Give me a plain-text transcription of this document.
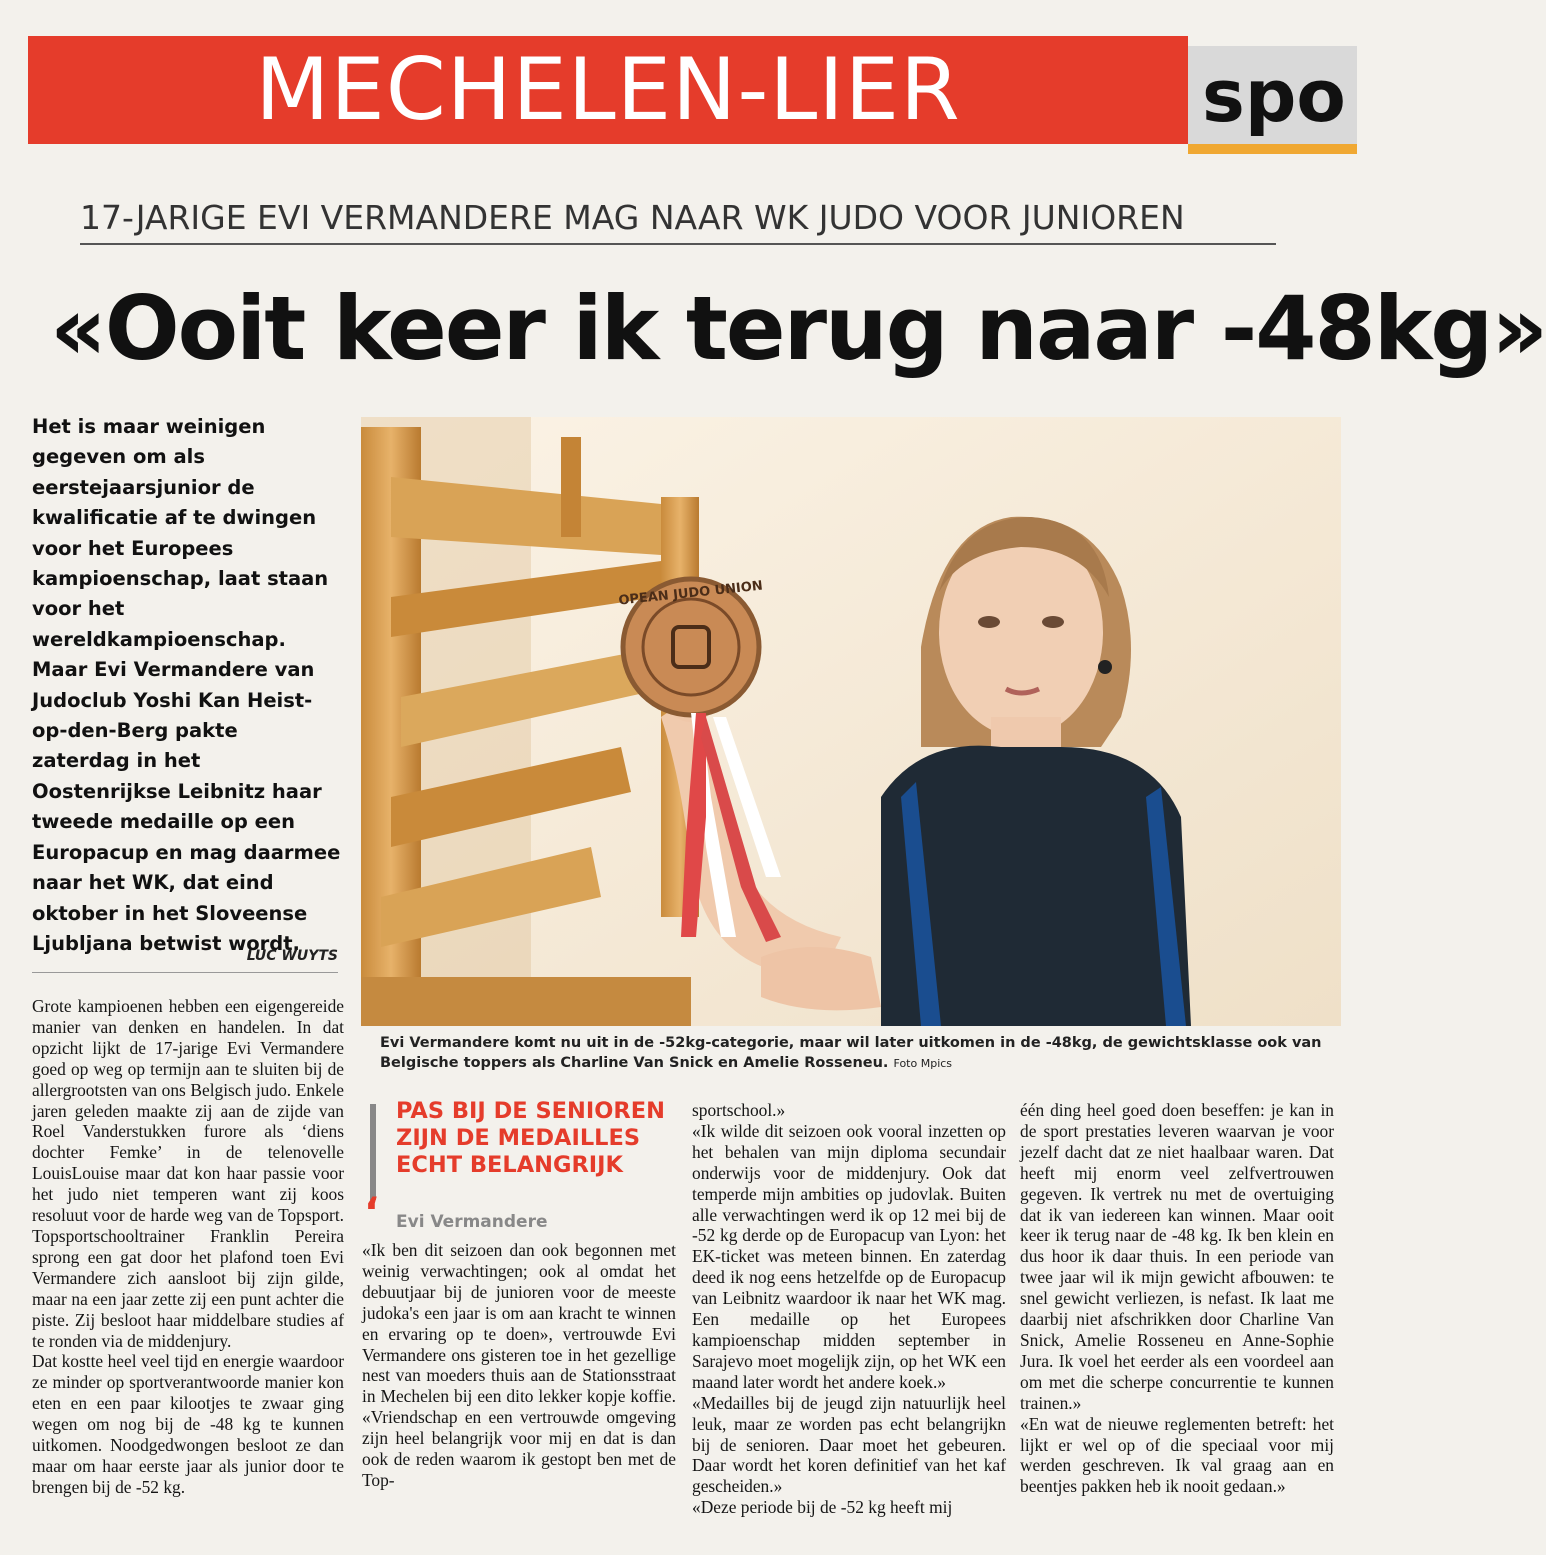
MECHELEN-LIER	spo
17-JARIGE EVI VERMANDERE MAG NAAR WK JUDO VOOR JUNIOREN
«Ooit keer ik terug naar -48kg»
Het is maar weinigen gegeven om als eerstejaarsjunior de kwalificatie af te dwingen voor het Europees kampioenschap, laat staan voor het wereldkampioenschap. Maar Evi Vermandere van Judoclub Yoshi Kan Heist-op-den-Berg pakte zaterdag in het Oostenrijkse Leibnitz haar tweede medaille op een Europacup en mag daarmee naar het WK, dat eind oktober in het Sloveense Ljubljana betwist wordt.
LUC WUYTS
OPEAN JUDO UNION
Evi Vermandere komt nu uit in de -52kg-categorie, maar wil later uitkomen in de -48kg, de gewichtsklasse ook van Belgische toppers als Charline Van Snick en Amelie Rosseneu. Foto Mpics

Grote kampioenen hebben een eigengereide manier van denken en handelen. In dat opzicht lijkt de 17-jarige Evi Vermandere goed op weg op termijn aan te sluiten bij de allergrootsten van ons Belgisch judo. Enkele jaren geleden maakte zij aan de zijde van Roel Vanderstukken furore als ‘diens dochter Femke’ in de telenovelle LouisLouise maar dat kon haar passie voor het judo niet temperen want zij koos resoluut voor de harde weg van de Topsport. Topsportschooltrainer Franklin Pereira sprong een gat door het plafond toen Evi Vermandere zich aansloot bij zijn gilde, maar na een jaar zette zij een punt achter die piste. Zij besloot haar middelbare studies af te ronden via de middenjury.

Dat kostte heel veel tijd en energie waardoor ze minder op sportverantwoorde manier kon eten en een paar kilootjes te zwaar ging wegen om nog bij de -48 kg te kunnen uitkomen. Noodgedwongen besloot ze dan maar om haar eerste jaar als junior door te brengen bij de -52 kg.

‘
PAS BIJ DE SENIOREN ZIJN DE MEDAILLES ECHT BELANGRIJK
Evi Vermandere

«Ik ben dit seizoen dan ook begonnen met weinig verwachtingen; ook al omdat het debuutjaar bij de junioren voor de meeste judoka's een jaar is om aan kracht te winnen en ervaring op te doen», vertrouwde Evi Vermandere ons gisteren toe in het gezellige nest van moeders thuis aan de Stationsstraat in Mechelen bij een dito lekker kopje koffie. «Vriendschap en een vertrouwde omgeving zijn heel belangrijk voor mij en dat is dan ook de reden waarom ik gestopt ben met de Top-

sportschool.»

«Ik wilde dit seizoen ook vooral inzetten op het behalen van mijn diploma secundair onderwijs voor de middenjury. Ook dat temperde mijn ambities op judovlak. Buiten alle verwachtingen werd ik op 12 mei bij de -52 kg derde op de Europacup van Lyon: het EK-ticket was meteen binnen. En zaterdag deed ik nog eens hetzelfde op de Europacup van Leibnitz waardoor ik naar het WK mag. Een medaille op het Europees kampioenschap midden september in Sarajevo moet mogelijk zijn, op het WK een maand later wordt het andere koek.»

«Medailles bij de jeugd zijn natuurlijk heel leuk, maar ze worden pas echt belangrijkn bij de senioren. Daar moet het gebeuren. Daar wordt het koren definitief van het kaf gescheiden.»

«Deze periode bij de -52 kg heeft mij

één ding heel goed doen beseffen: je kan in de sport prestaties leveren waarvan je voor jezelf dacht dat ze niet haalbaar waren. Dat heeft mij enorm veel zelfvertrouwen gegeven. Ik vertrek nu met de overtuiging dat ik van iedereen kan winnen. Maar ooit keer ik terug naar de -48 kg. Ik ben klein en dus hoor ik daar thuis. In een periode van twee jaar wil ik mijn gewicht afbouwen: te snel gewicht verliezen, is nefast. Ik laat me daarbij niet afschrikken door Charline Van Snick, Amelie Rosseneu en Anne-Sophie Jura. Ik voel het eerder als een voordeel aan om met die scherpe concurrentie te kunnen trainen.»

«En wat de nieuwe reglementen betreft: het lijkt er wel op of die speciaal voor mij werden geschreven. Ik val graag aan en beentjes pakken heb ik nooit gedaan.»
